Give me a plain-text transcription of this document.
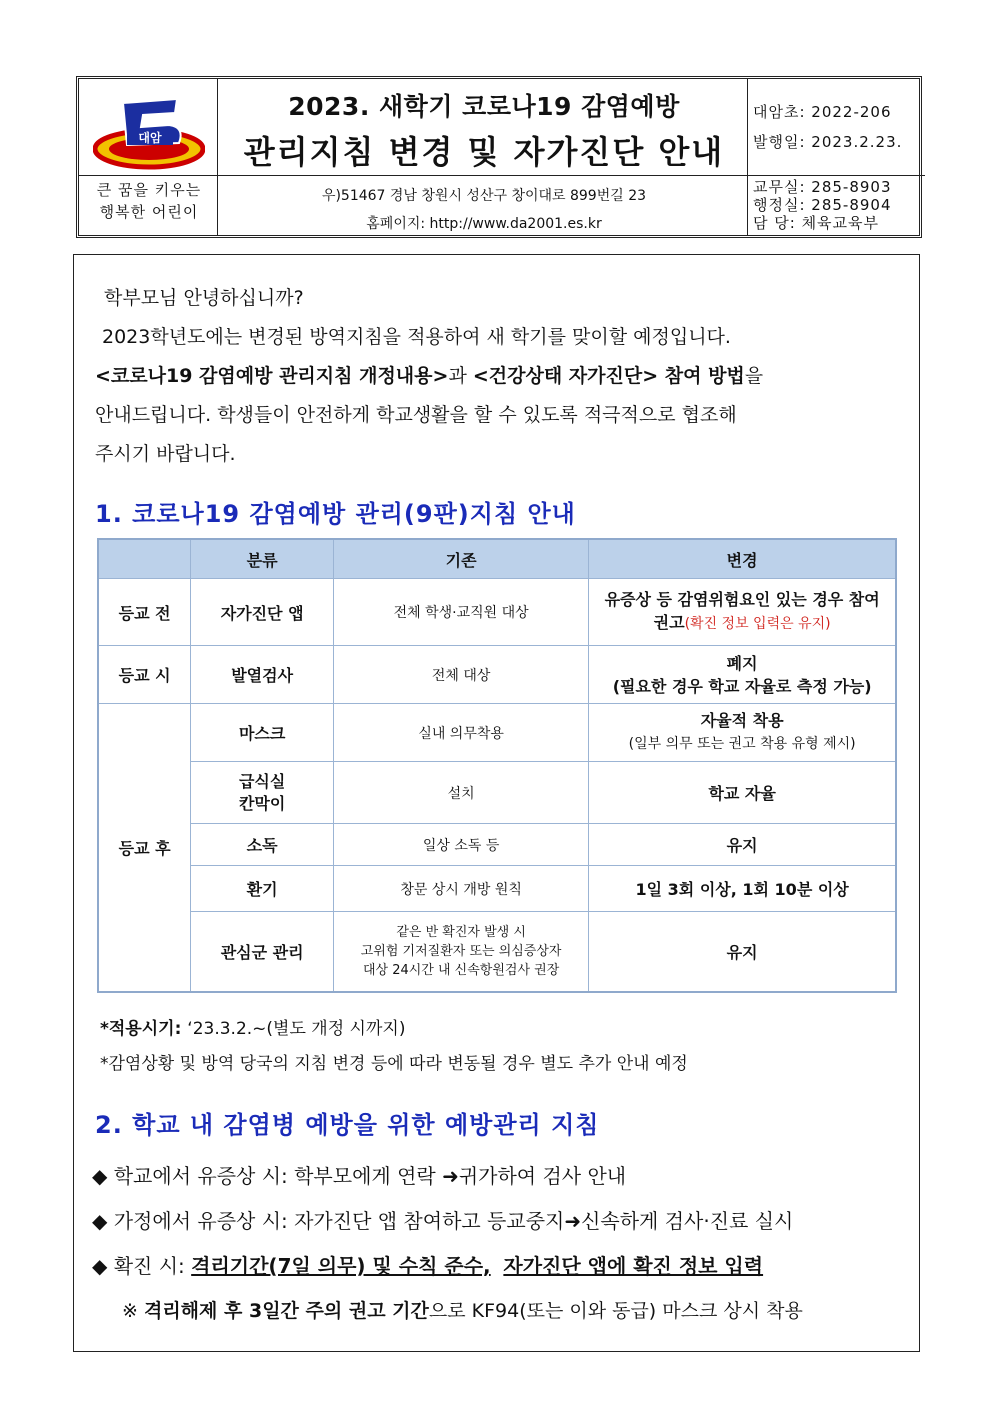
대암
큰 꿈을 키우는
행복한 어린이
2023. 새학기 코로나19 감염예방
관리지침 변경 및 자가진단 안내
우)51467 경남 창원시 성산구 창이대로 899번길 23
홈페이지: http://www.da2001.es.kr
대암초: 2022-206
발행일: 2023.2.23.
교무실: 285-8903
행정실: 285-8904
담 당: 체육교육부
학부모님 안녕하십니까?
2023학년도에는 변경된 방역지침을 적용하여 새 학기를 맞이할 예정입니다.
<코로나19 감염예방 관리지침 개정내용>과 <건강상태 자가진단> 참여 방법을
안내드립니다. 학생들이 안전하게 학교생활을 할 수 있도록 적극적으로 협조해
주시기 바랍니다.
1. 코로나19 감염예방 관리(9판)지침 안내
	분류	기존	변경
등교 전	자가진단 앱	전체 학생·교직원 대상	유증상 등 감염위험요인 있는 경우 참여
권고(확진 정보 입력은 유지)
등교 시	발열검사	전체 대상	폐지
(필요한 경우 학교 자율로 측정 가능)
등교 후	마스크	실내 의무착용	자율적 착용
(일부 의무 또는 권고 착용 유형 제시)
	급식실
칸막이	설치	학교 자율
	소독	일상 소독 등	유지
	환기	창문 상시 개방 원칙	1일 3회 이상, 1회 10분 이상
	관심군 관리	같은 반 확진자 발생 시
고위험 기저질환자 또는 의심증상자
대상 24시간 내 신속항원검사 권장	유지
*적용시기: ‘23.3.2.~(별도 개정 시까지)
*감염상황 및 방역 당국의 지침 변경 등에 따라 변동될 경우 별도 추가 안내 예정
2. 학교 내 감염병 예방을 위한 예방관리 지침
◆ 학교에서 유증상 시: 학부모에게 연락 ➜귀가하여 검사 안내
◆ 가정에서 유증상 시: 자가진단 앱 참여하고 등교중지➜신속하게 검사·진료 실시
◆ 확진 시: 격리기간(7일 의무) 및 수칙 준수, 자가진단 앱에 확진 정보 입력
※ 격리해제 후 3일간 주의 권고 기간으로 KF94(또는 이와 동급) 마스크 상시 착용
